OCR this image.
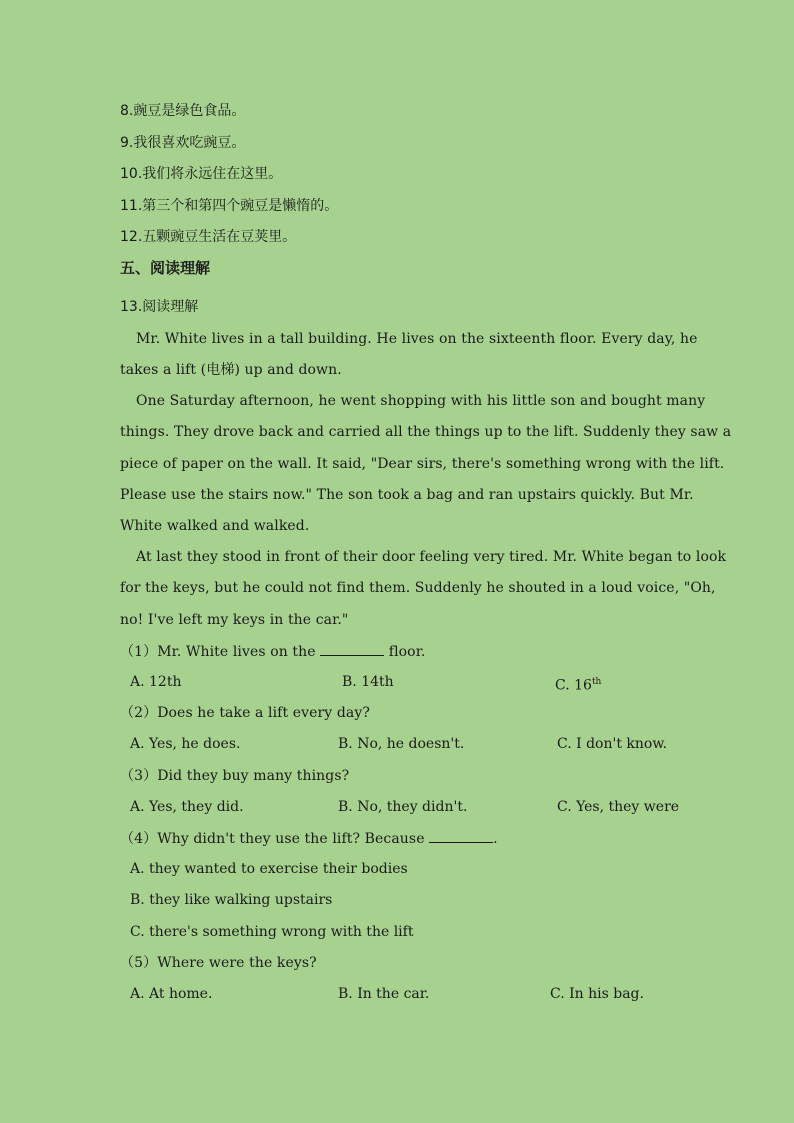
8.豌豆是绿色食品。
9.我很喜欢吃豌豆。
10.我们将永远住在这里。
11.第三个和第四个豌豆是懒惰的。
12.五颗豌豆生活在豆荚里。
五、阅读理解
13.阅读理解
Mr. White lives in a tall building. He lives on the sixteenth floor. Every day, he
takes a lift (电梯) up and down.
One Saturday afternoon, he went shopping with his little son and bought many
things. They drove back and carried all the things up to the lift. Suddenly they saw a
piece of paper on the wall. It said, "Dear sirs, there's something wrong with the lift.
Please use the stairs now." The son took a bag and ran upstairs quickly. But Mr.
White walked and walked.
At last they stood in front of their door feeling very tired. Mr. White began to look
for the keys, but he could not find them. Suddenly he shouted in a loud voice, "Oh,
no! I've left my keys in the car."
（1）Mr. White lives on the	floor.
A. 12th	B. 14th	C. 16th
（2）Does he take a lift every day?
A. Yes, he does.	B. No, he doesn't.	C. I don't know.
（3）Did they buy many things?
A. Yes, they did.	B. No, they didn't.	C. Yes, they were
（4）Why didn't they use the lift? Because	.
A. they wanted to exercise their bodies
B. they like walking upstairs
C. there's something wrong with the lift
（5）Where were the keys?
A. At home.	B. In the car.	C. In his bag.
